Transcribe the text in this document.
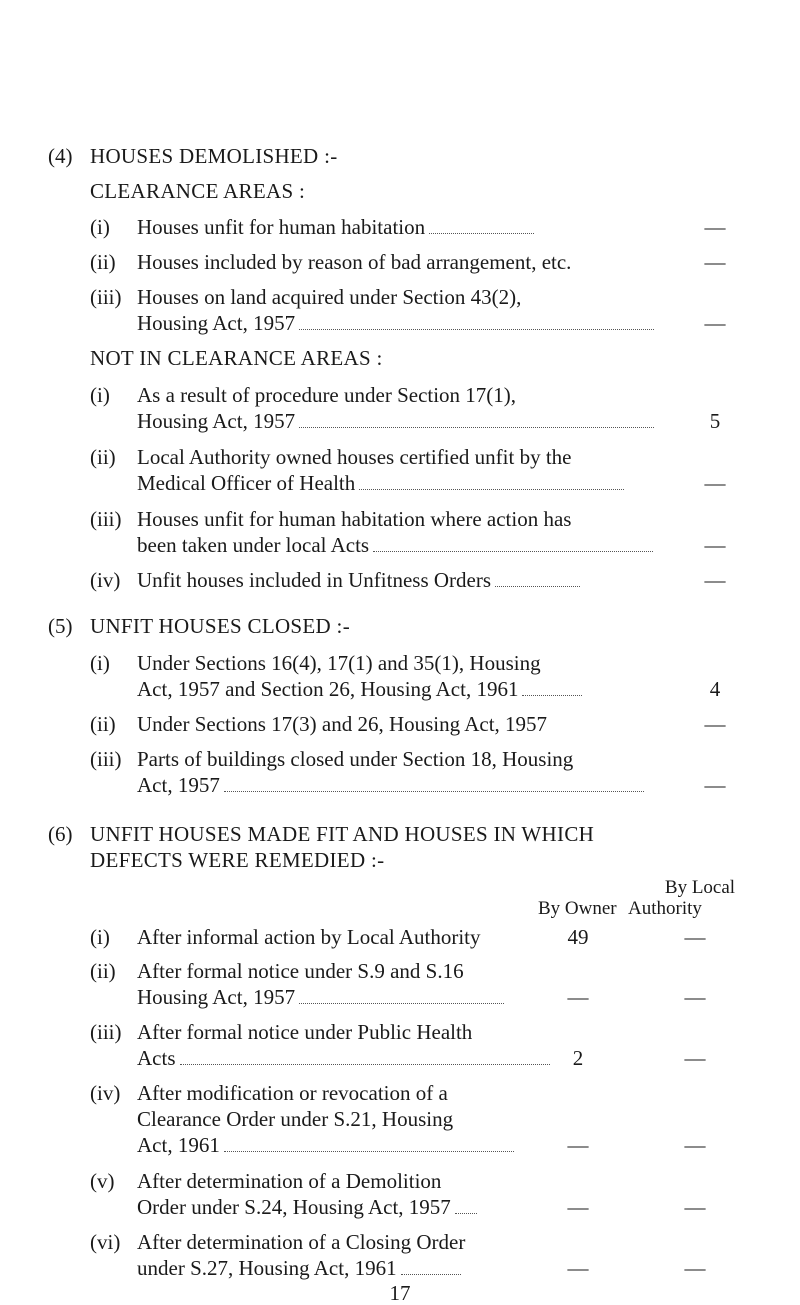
(4) HOUSES DEMOLISHED :-
CLEARANCE AREAS :
(i) Houses unfit for human habitation	—
(ii) Houses included by reason of bad arrangement, etc.	—
(iii) Houses on land acquired under Section 43(2),
Housing Act, 1957	—
NOT IN CLEARANCE AREAS :
(i) As a result of procedure under Section 17(1),
Housing Act, 1957	5
(ii) Local Authority owned houses certified unfit by the
Medical Officer of Health	—
(iii) Houses unfit for human habitation where action has
been taken under local Acts	—
(iv) Unfit houses included in Unfitness Orders	—
(5) UNFIT HOUSES CLOSED :-
(i) Under Sections 16(4), 17(1) and 35(1), Housing
Act, 1957 and Section 26, Housing Act, 1961	4
(ii) Under Sections 17(3) and 26, Housing Act, 1957	—
(iii) Parts of buildings closed under Section 18, Housing
Act, 1957	—
(6) UNFIT HOUSES MADE FIT AND HOUSES IN WHICH
DEFECTS WERE REMEDIED :-
By Local
By Owner Authority
(i) After informal action by Local Authority	49	—
(ii) After formal notice under S.9 and S.16
Housing Act, 1957	—	—
(iii) After formal notice under Public Health
Acts	2	—
(iv) After modification or revocation of a
Clearance Order under S.21, Housing
Act, 1961	—	—
(v) After determination of a Demolition
Order under S.24, Housing Act, 1957	—	—
(vi) After determination of a Closing Order
under S.27, Housing Act, 1961	—	—
17
